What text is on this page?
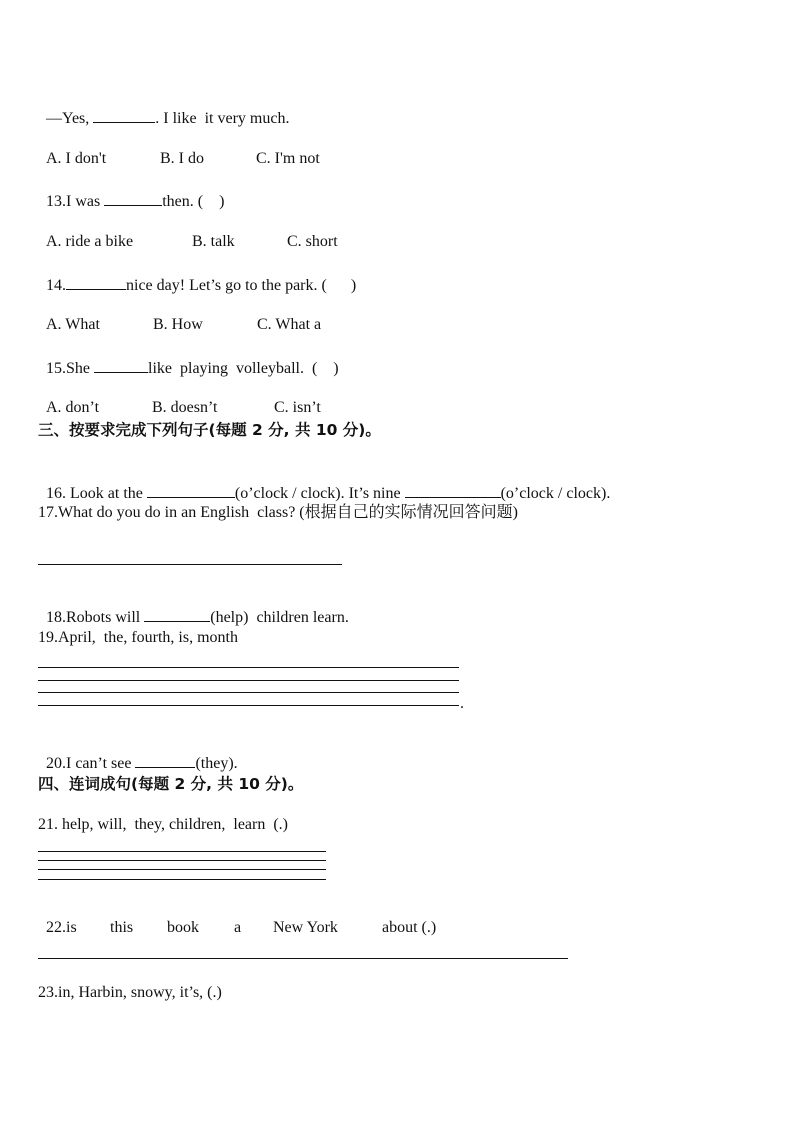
—Yes,	. I like  it very much.

A. I don't	B. I do	C. I'm not

13.I was	then. (    )

A. ride a bike	B. talk	C. short

14.	nice day! Let’s go to the park. (      )

A. What	B. How	C. What a

15.She	like  playing  volleyball.  (    )

A. don’t	B. doesn’t	C. isn’t

三、按要求完成下列句子(每题 2 分, 共 10 分)。

16. Look at the	(o’clock / clock). It’s nine	(o’clock / clock).

17.What do you do in an English  class? (根据自己的实际情况回答问题)

18.Robots will	(help)  children learn.

19.April,  the, fourth, is, month
.

20.I can’t see	(they).

四、连词成句(每题 2 分, 共 10 分)。
21. help, will,  they, children,  learn  (.)

22.is this book a New York	about (.)

23.in, Harbin, snowy, it’s, (.)
